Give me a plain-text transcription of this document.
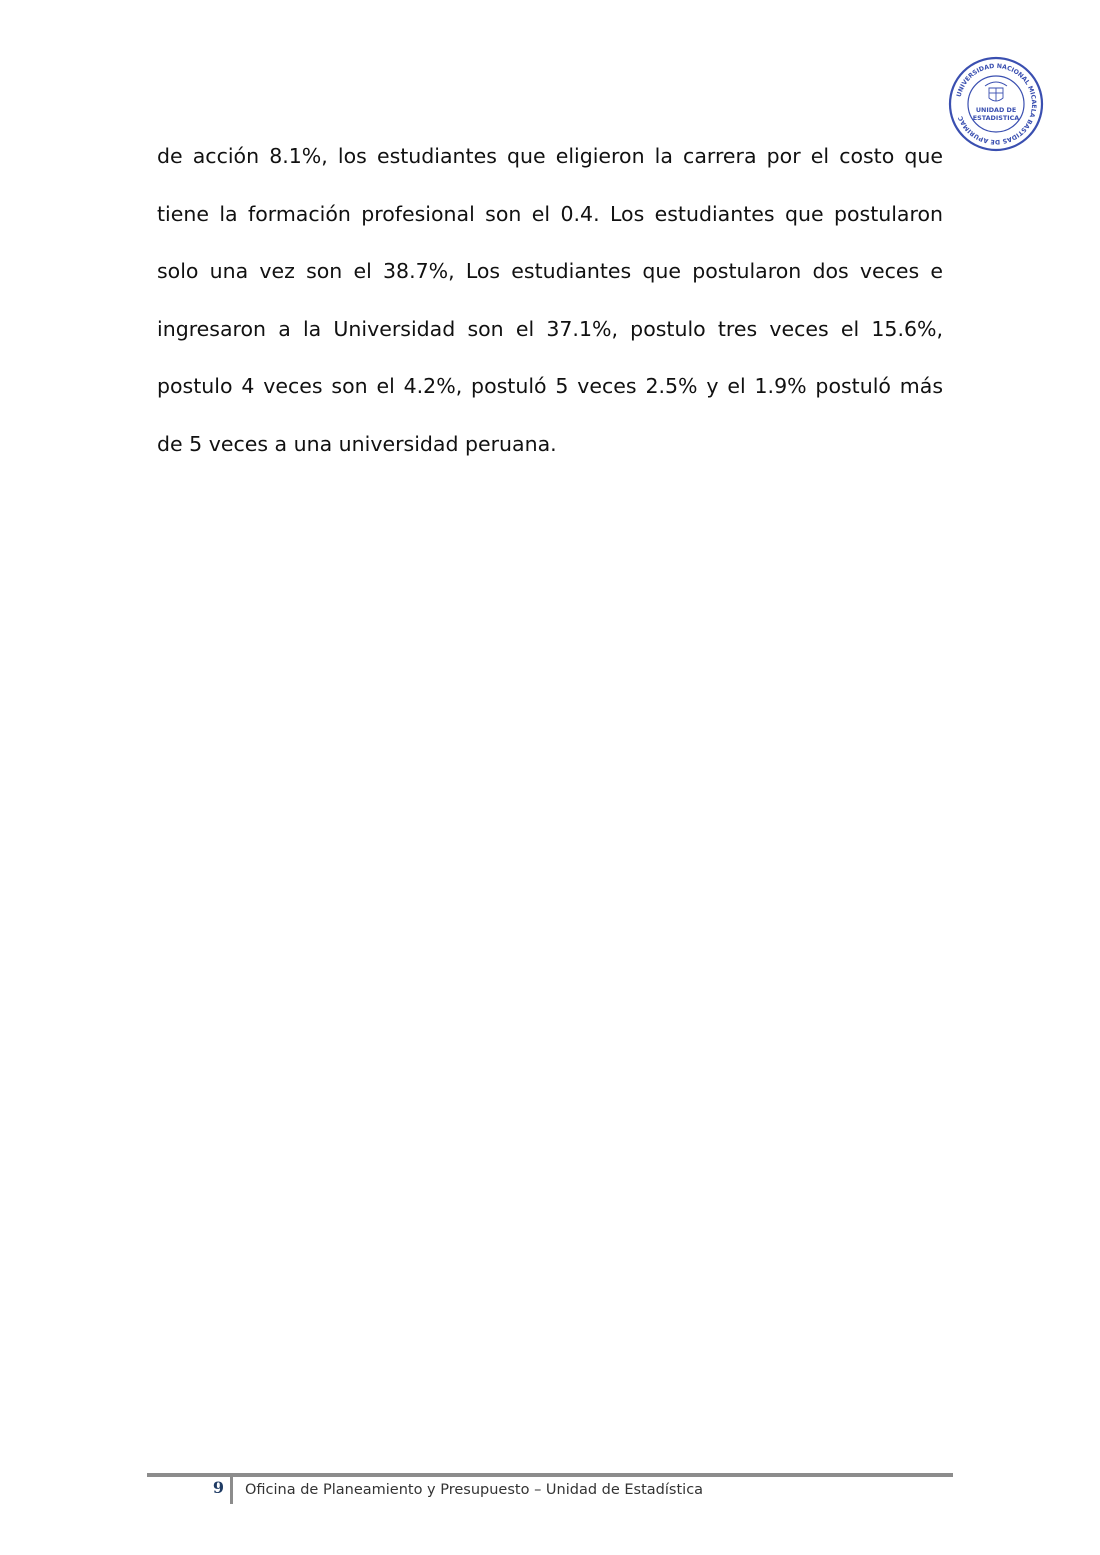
UNIVERSIDAD NACIONAL MICAELA BASTIDAS DE APURIMAC
UNIDAD DE
ESTADISTICA
de acción 8.1%, los estudiantes que eligieron la carrera por el costo que
tiene la formación profesional son el 0.4. Los estudiantes que postularon
solo una vez son el 38.7%, Los estudiantes que postularon dos veces e
ingresaron a la Universidad son el 37.1%, postulo tres veces el 15.6%,
postulo 4 veces son el 4.2%, postuló 5 veces 2.5% y el 1.9% postuló más
de 5 veces a una universidad peruana.
9 Oficina de Planeamiento y Presupuesto – Unidad de Estadística
